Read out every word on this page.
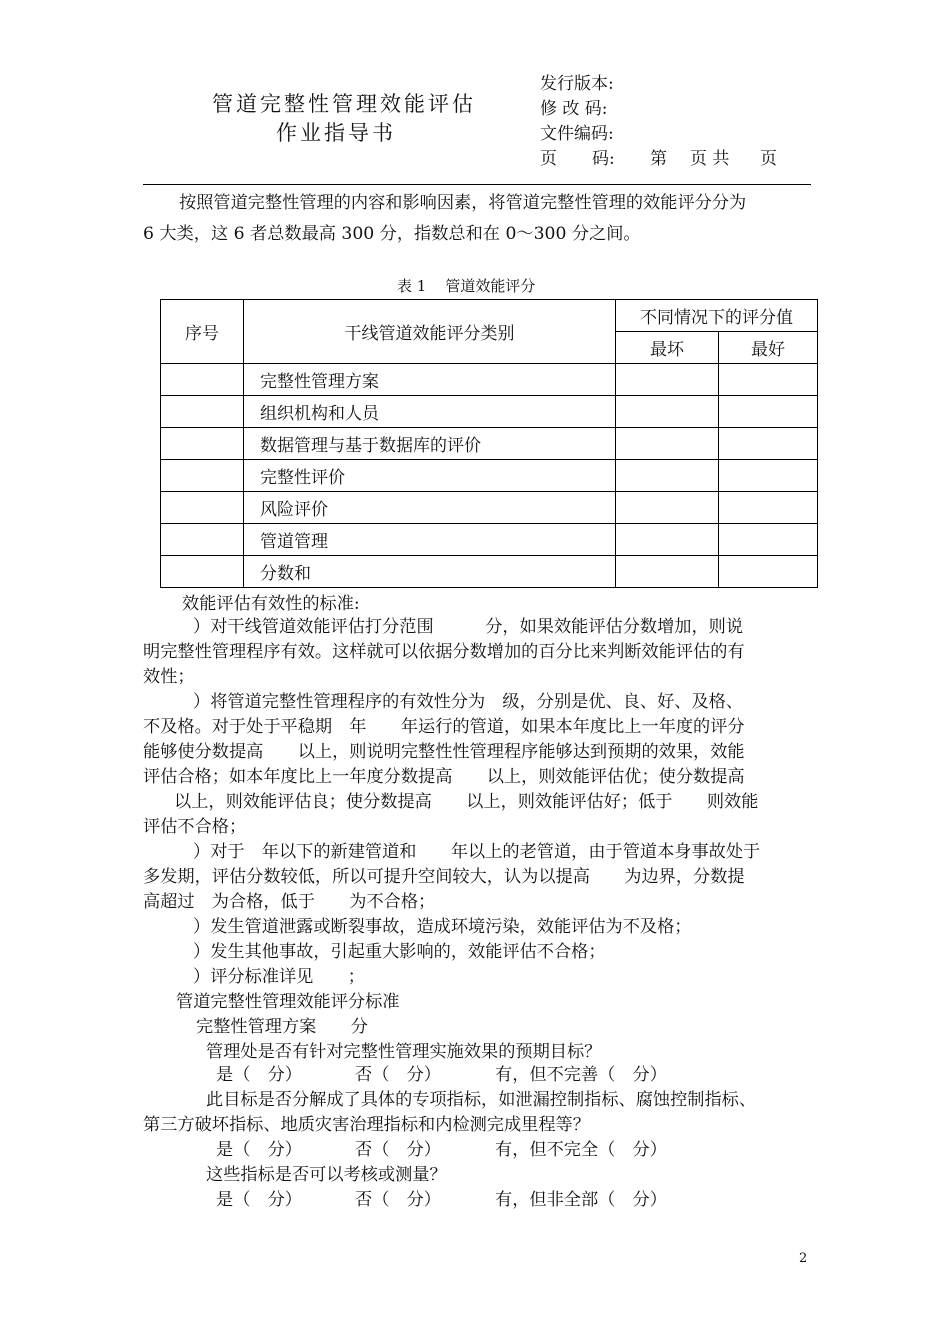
管道完整性管理效能评估
作业指导书
发行版本:
修 改 码:
文件编码:
页 码: 第 页 共 页
按照管道完整性管理的内容和影响因素，将管道完整性管理的效能评分分为
6 大类，这 6 者总数最高 300 分，指数总和在 0～300 分之间。
表 1    管道效能评分
序号	干线管道效能评分类别	不同情况下的评分值	
		最坏	最好
	完整性管理方案		
	组织机构和人员		
	数据管理与基于数据库的评价		
	完整性评价		
	风险评价		
	管道管理		
	分数和		
效能评估有效性的标准:
）对干线管道效能评估打分范围　　　分，如果效能评估分数增加，则说
明完整性管理程序有效。这样就可以依据分数增加的百分比来判断效能评估的有
效性；
）将管道完整性管理程序的有效性分为　级，分别是优、良、好、及格、
不及格。对于处于平稳期　年　　年运行的管道，如果本年度比上一年度的评分
能够使分数提高　　以上，则说明完整性性管理程序能够达到预期的效果，效能
评估合格；如本年度比上一年度分数提高　　以上，则效能评估优；使分数提高
以上，则效能评估良；使分数提高　　以上，则效能评估好；低于　　则效能
评估不合格；
）对于　年以下的新建管道和　　年以上的老管道，由于管道本身事故处于
多发期，评估分数较低，所以可提升空间较大，认为以提高　　为边界，分数提
高超过　为合格，低于　　为不合格；
）发生管道泄露或断裂事故，造成环境污染，效能评估为不及格；
）发生其他事故，引起重大影响的，效能评估不合格；
）评分标准详见　　；
管道完整性管理效能评分标准
完整性管理方案　　分
管理处是否有针对完整性管理实施效果的预期目标？
是（　分）	否（　分）	有，但不完善（　分）
此目标是否分解成了具体的专项指标，如泄漏控制指标、腐蚀控制指标、
第三方破坏指标、地质灾害治理指标和内检测完成里程等？
是（　分）	否（　分）	有，但不完全（　分）
这些指标是否可以考核或测量？
是（　分）	否（　分）	有，但非全部（　分）
2
